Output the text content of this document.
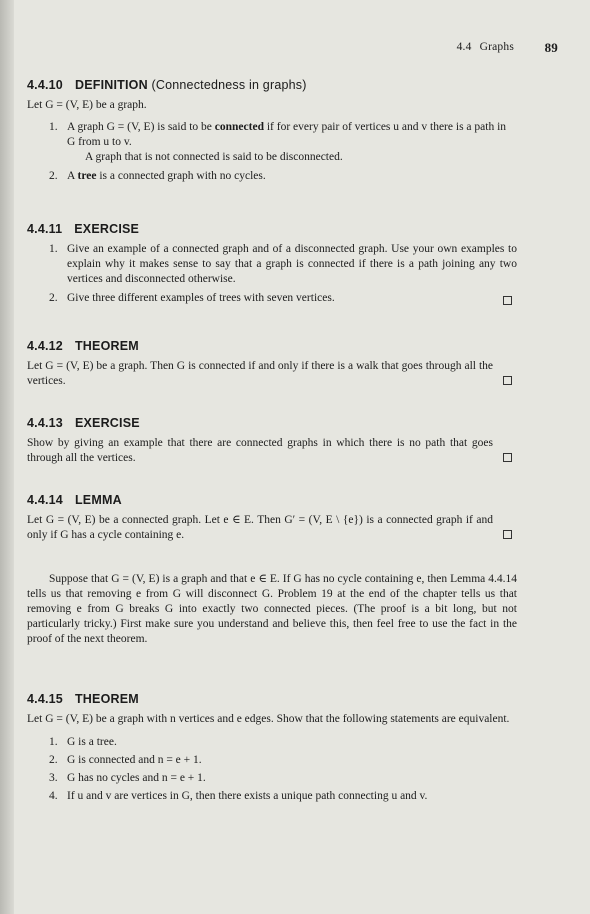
4.4 Graphs 89
4.4.10 DEFINITION (Connectedness in graphs)

Let G = (V, E) be a graph.

1. A graph G = (V, E) is said to be connected if for every pair of vertices u and v there is a path in G from u to v.
A graph that is not connected is said to be disconnected.
2. A tree is a connected graph with no cycles.
4.4.11 EXERCISE
1. Give an example of a connected graph and of a disconnected graph. Use your own examples to explain why it makes sense to say that a graph is connected if there is a path joining any two vertices and disconnected otherwise.
2. Give three different examples of trees with seven vertices.
4.4.12 THEOREM

Let G = (V, E) be a graph. Then G is connected if and only if there is a walk that goes through all the vertices.

4.4.13 EXERCISE

Show by giving an example that there are connected graphs in which there is no path that goes through all the vertices.

4.4.14 LEMMA

Let G = (V, E) be a connected graph. Let e ∈ E. Then G′ = (V, E \ {e}) is a connected graph if and only if G has a cycle containing e.

Suppose that G = (V, E) is a graph and that e ∈ E. If G has no cycle containing e, then Lemma 4.4.14 tells us that removing e from G will disconnect G. Problem 19 at the end of the chapter tells us that removing e from G breaks G into exactly two connected pieces. (The proof is a bit long, but not particularly tricky.) First make sure you understand and believe this, then feel free to use the fact in the proof of the next theorem.

4.4.15 THEOREM

Let G = (V, E) be a graph with n vertices and e edges. Show that the following statements are equivalent.

1. G is a tree.
2. G is connected and n = e + 1.
3. G has no cycles and n = e + 1.
4. If u and v are vertices in G, then there exists a unique path connecting u and v.
